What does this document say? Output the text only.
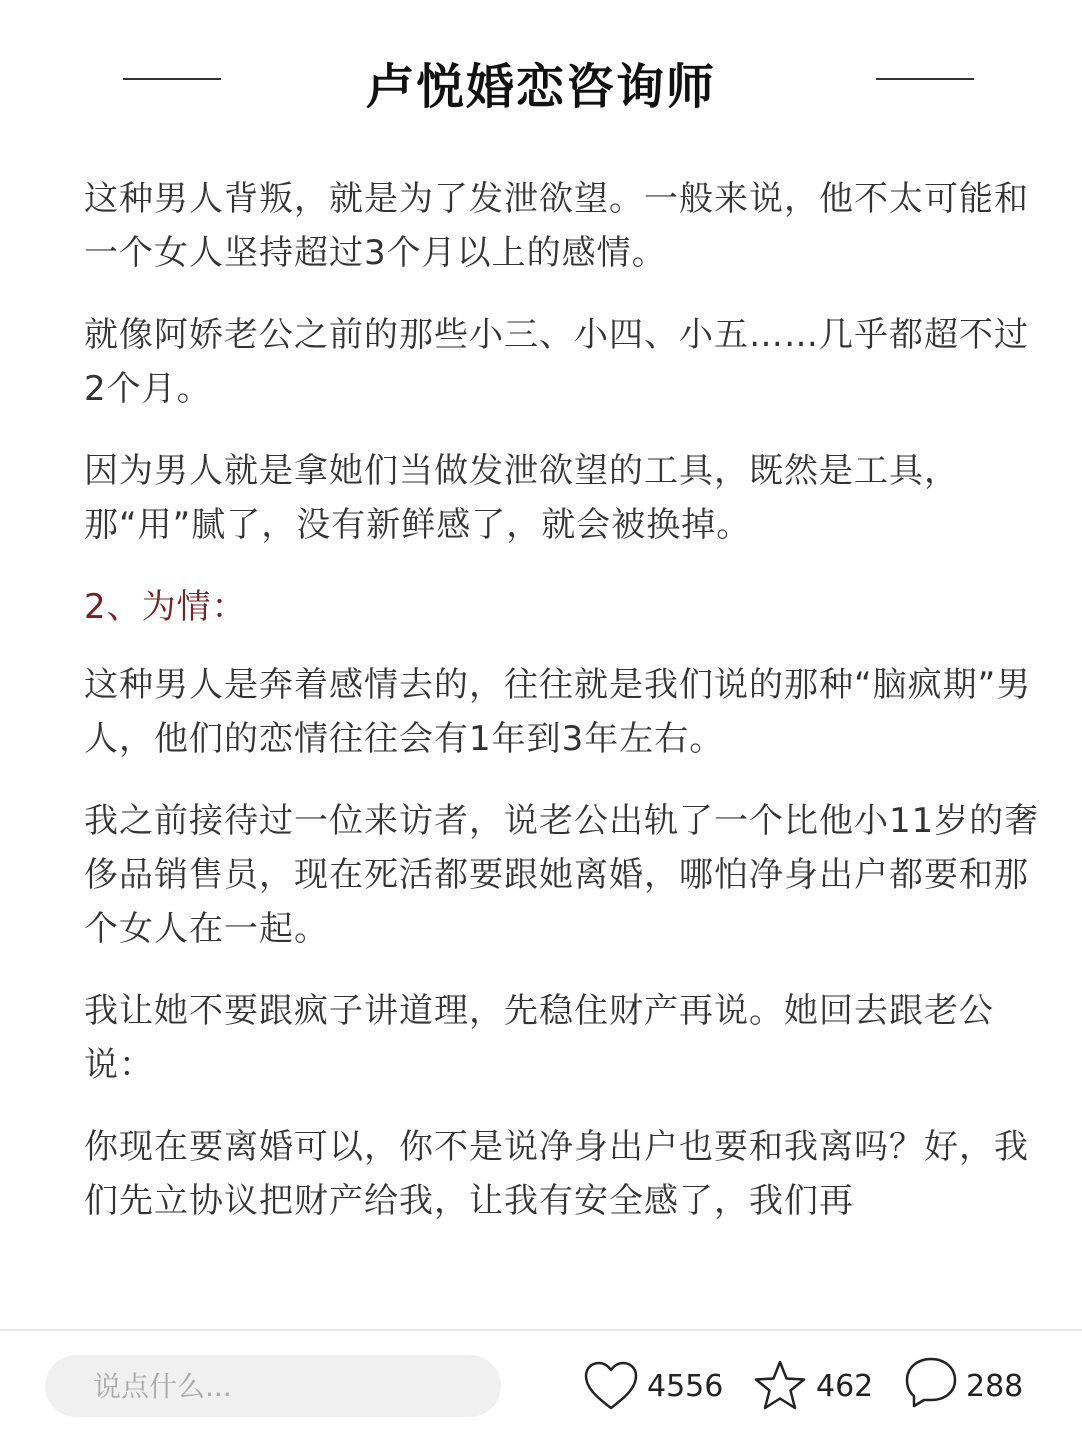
卢悦婚恋咨询师

这种男人背叛，就是为了发泄欲望。一般来说，他不太可能和一个女人坚持超过3个月以上的感情。

就像阿娇老公之前的那些小三、小四、小五……几乎都超不过2个月。

因为男人就是拿她们当做发泄欲望的工具，既然是工具，那“用”腻了，没有新鲜感了，就会被换掉。

2、为情：

这种男人是奔着感情去的，往往就是我们说的那种“脑疯期”男人，他们的恋情往往会有1年到3年左右。

我之前接待过一位来访者，说老公出轨了一个比他小11岁的奢侈品销售员，现在死活都要跟她离婚，哪怕净身出户都要和那个女人在一起。

我让她不要跟疯子讲道理，先稳住财产再说。她回去跟老公说：

你现在要离婚可以，你不是说净身出户也要和我离吗？好，我们先立协议把财产给我，让我有安全感了，我们再

说点什么...
4556	462	288
